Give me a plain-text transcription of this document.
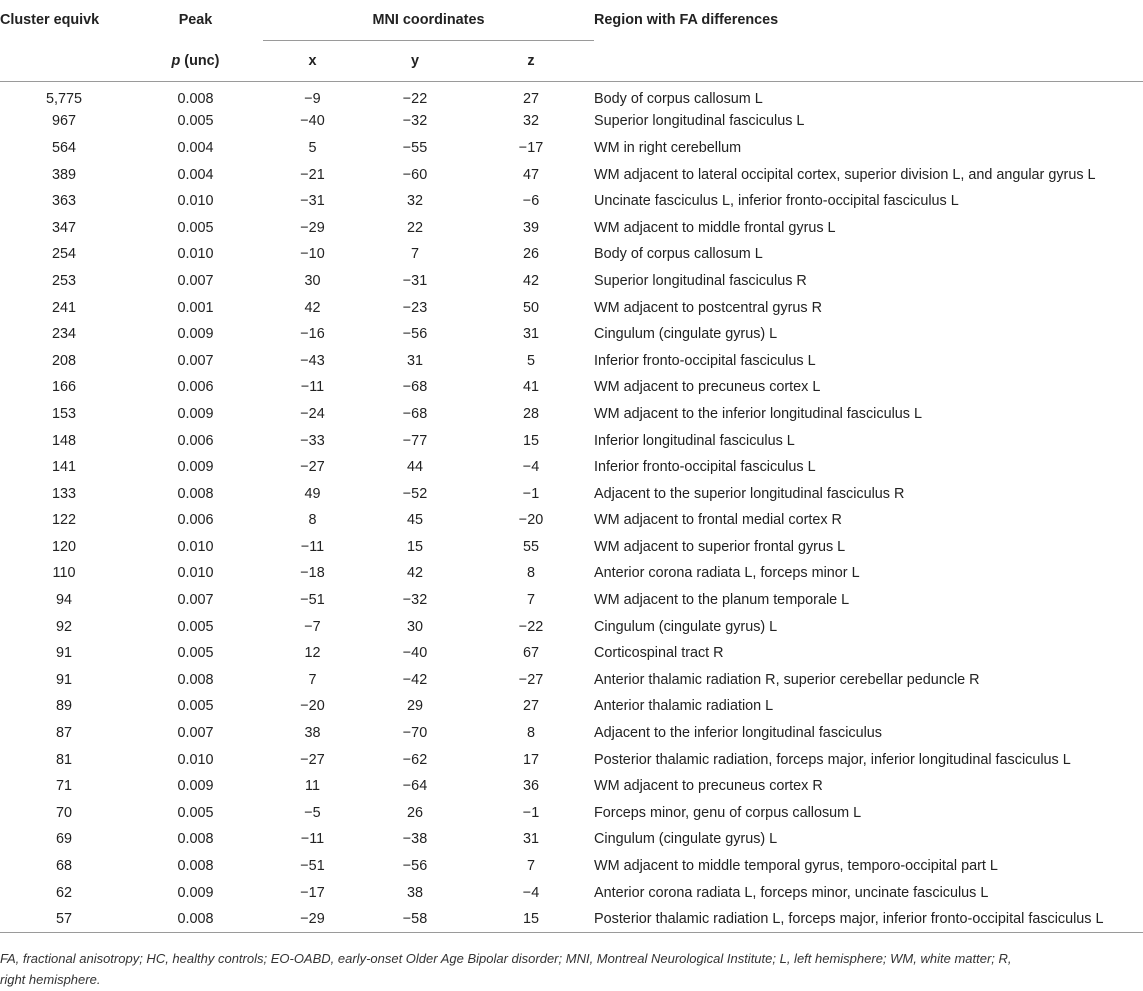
Cluster equivk	Peak	MNI coordinates			Region with FA differences
	p (unc)	x	y	z	
5,775	0.008	−9	−22	27	Body of corpus callosum L
967	0.005	−40	−32	32	Superior longitudinal fasciculus L
564	0.004	5	−55	−17	WM in right cerebellum
389	0.004	−21	−60	47	WM adjacent to lateral occipital cortex, superior division L, and angular gyrus L
363	0.010	−31	32	−6	Uncinate fasciculus L, inferior fronto-occipital fasciculus L
347	0.005	−29	22	39	WM adjacent to middle frontal gyrus L
254	0.010	−10	7	26	Body of corpus callosum L
253	0.007	30	−31	42	Superior longitudinal fasciculus R
241	0.001	42	−23	50	WM adjacent to postcentral gyrus R
234	0.009	−16	−56	31	Cingulum (cingulate gyrus) L
208	0.007	−43	31	5	Inferior fronto-occipital fasciculus L
166	0.006	−11	−68	41	WM adjacent to precuneus cortex L
153	0.009	−24	−68	28	WM adjacent to the inferior longitudinal fasciculus L
148	0.006	−33	−77	15	Inferior longitudinal fasciculus L
141	0.009	−27	44	−4	Inferior fronto-occipital fasciculus L
133	0.008	49	−52	−1	Adjacent to the superior longitudinal fasciculus R
122	0.006	8	45	−20	WM adjacent to frontal medial cortex R
120	0.010	−11	15	55	WM adjacent to superior frontal gyrus L
110	0.010	−18	42	8	Anterior corona radiata L, forceps minor L
94	0.007	−51	−32	7	WM adjacent to the planum temporale L
92	0.005	−7	30	−22	Cingulum (cingulate gyrus) L
91	0.005	12	−40	67	Corticospinal tract R
91	0.008	7	−42	−27	Anterior thalamic radiation R, superior cerebellar peduncle R
89	0.005	−20	29	27	Anterior thalamic radiation L
87	0.007	38	−70	8	Adjacent to the inferior longitudinal fasciculus
81	0.010	−27	−62	17	Posterior thalamic radiation, forceps major, inferior longitudinal fasciculus L
71	0.009	11	−64	36	WM adjacent to precuneus cortex R
70	0.005	−5	26	−1	Forceps minor, genu of corpus callosum L
69	0.008	−11	−38	31	Cingulum (cingulate gyrus) L
68	0.008	−51	−56	7	WM adjacent to middle temporal gyrus, temporo-occipital part L
62	0.009	−17	38	−4	Anterior corona radiata L, forceps minor, uncinate fasciculus L
57	0.008	−29	−58	15	Posterior thalamic radiation L, forceps major, inferior fronto-occipital fasciculus L
FA, fractional anisotropy; HC, healthy controls; EO-OABD, early-onset Older Age Bipolar disorder; MNI, Montreal Neurological Institute; L, left hemisphere; WM, white matter; R,
right hemisphere.
